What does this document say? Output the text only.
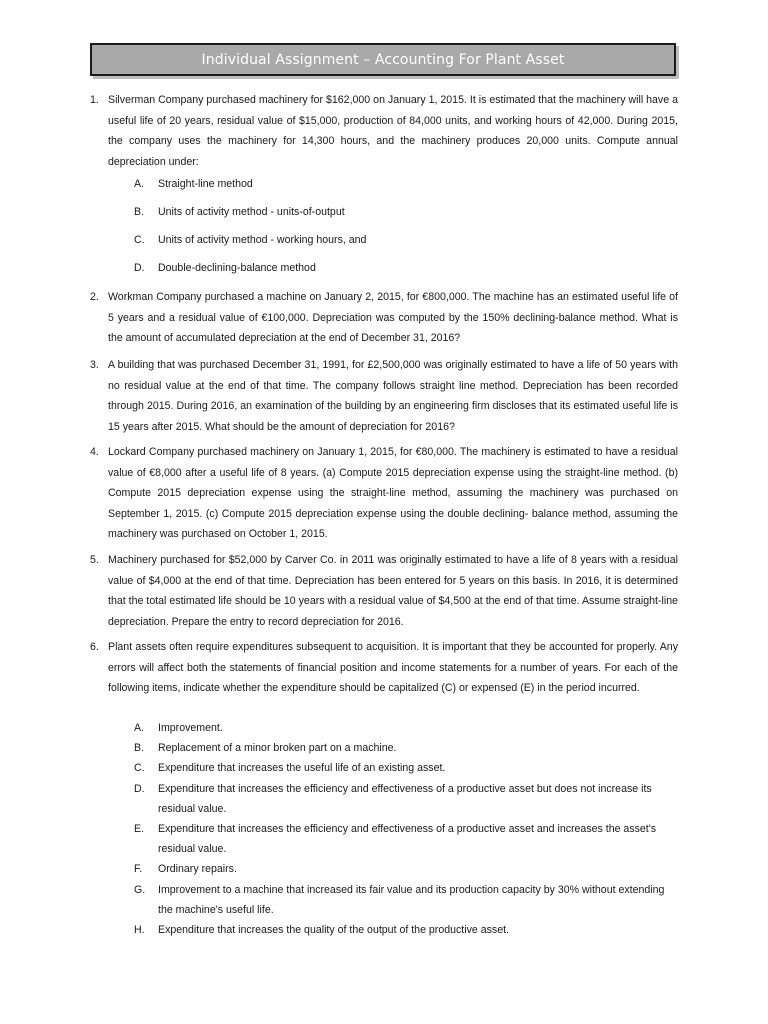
Individual Assignment – Accounting For Plant Asset
1. Silverman Company purchased machinery for $162,000 on January 1, 2015. It is estimated that the machinery will have a useful life of 20 years, residual value of $15,000, production of 84,000 units, and working hours of 42,000. During 2015, the company uses the machinery for 14,300 hours, and the machinery produces 20,000 units. Compute annual depreciation under:
A. Straight-line method
B. Units of activity method - units-of-output
C. Units of activity method - working hours, and
D. Double-declining-balance method
2. Workman Company purchased a machine on January 2, 2015, for €800,000. The machine has an estimated useful life of 5 years and a residual value of €100,000. Depreciation was computed by the 150% declining-balance method. What is the amount of accumulated depreciation at the end of December 31, 2016?
3. A building that was purchased December 31, 1991, for £2,500,000 was originally estimated to have a life of 50 years with no residual value at the end of that time. The company follows straight line method. Depreciation has been recorded through 2015. During 2016, an examination of the building by an engineering firm discloses that its estimated useful life is 15 years after 2015. What should be the amount of depreciation for 2016?
4. Lockard Company purchased machinery on January 1, 2015, for €80,000. The machinery is estimated to have a residual value of €8,000 after a useful life of 8 years. (a) Compute 2015 depreciation expense using the straight-line method. (b) Compute 2015 depreciation expense using the straight-line method, assuming the machinery was purchased on September 1, 2015. (c) Compute 2015 depreciation expense using the double declining- balance method, assuming the machinery was purchased on October 1, 2015.
5. Machinery purchased for $52,000 by Carver Co. in 2011 was originally estimated to have a life of 8 years with a residual value of $4,000 at the end of that time. Depreciation has been entered for 5 years on this basis. In 2016, it is determined that the total estimated life should be 10 years with a residual value of $4,500 at the end of that time. Assume straight-line depreciation. Prepare the entry to record depreciation for 2016.
6. Plant assets often require expenditures subsequent to acquisition. It is important that they be accounted for properly. Any errors will affect both the statements of financial position and income statements for a number of years. For each of the following items, indicate whether the expenditure should be capitalized (C) or expensed (E) in the period incurred.
A. Improvement.
B. Replacement of a minor broken part on a machine.
C. Expenditure that increases the useful life of an existing asset.
D. Expenditure that increases the efficiency and effectiveness of a productive asset but does not increase its residual value.
E. Expenditure that increases the efficiency and effectiveness of a productive asset and increases the asset's residual value.
F. Ordinary repairs.
G. Improvement to a machine that increased its fair value and its production capacity by 30% without extending the machine's useful life.
H. Expenditure that increases the quality of the output of the productive asset.
